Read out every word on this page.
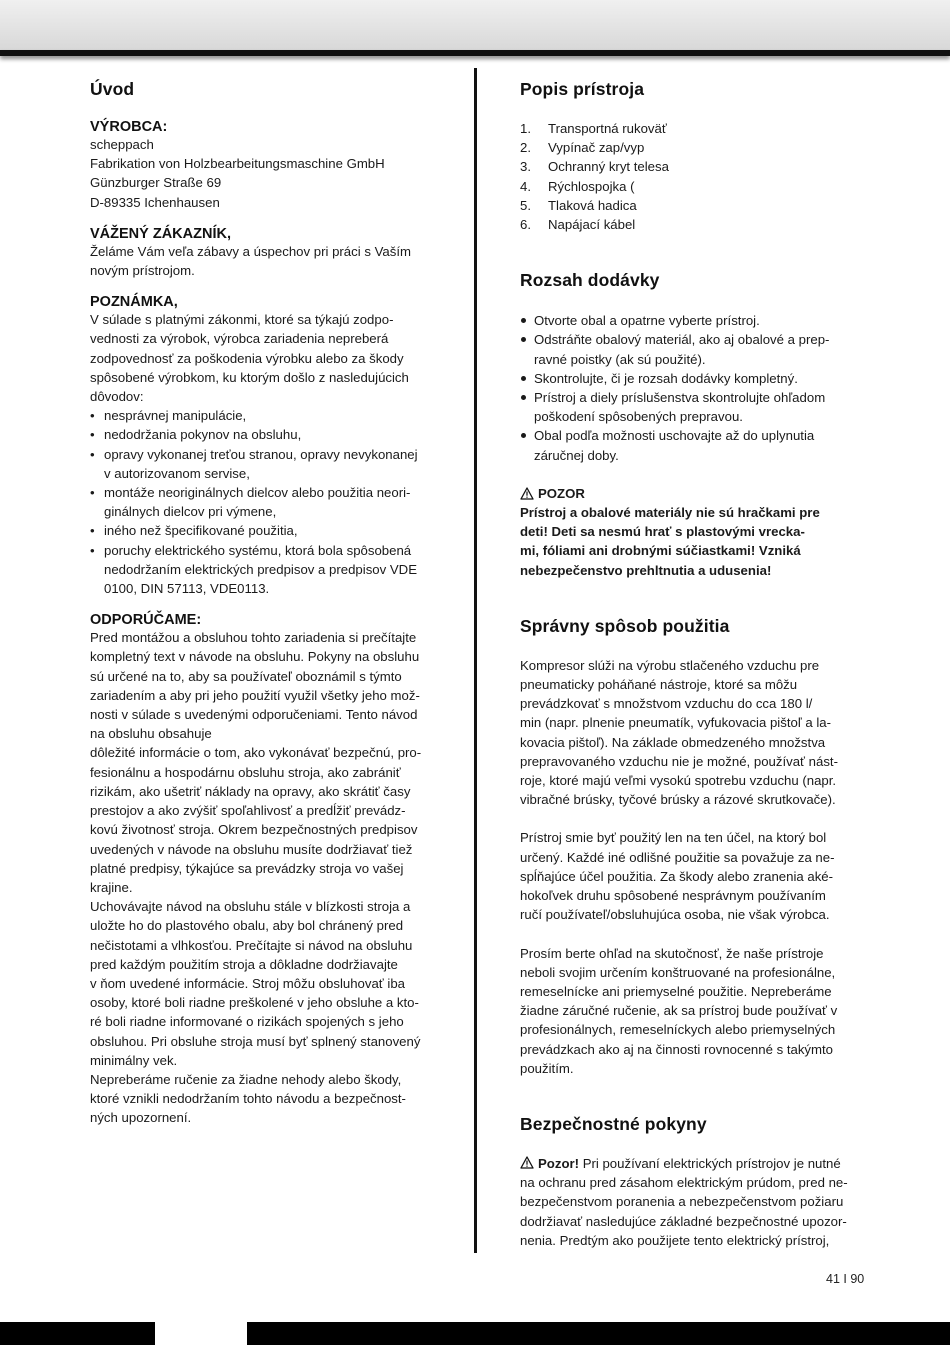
Úvod
VÝROBCA:

scheppach

Fabrikation von Holzbearbeitungsmaschine GmbH

Günzburger Straße 69

D-89335 Ichenhausen

VÁŽENÝ ZÁKAZNÍK,

Želáme Vám veľa zábavy a úspechov pri práci s Vaším

novým prístrojom.

POZNÁMKA,

V súlade s platnými zákonmi, ktoré sa týkajú zodpo-

vednosti za výrobok, výrobca zariadenia nepreberá

zodpovednosť za poškodenia výrobku alebo za škody

spôsobené výrobkom, ku ktorým došlo z nasledujúcich

dôvodov:

• nesprávnej manipulácie,
• nedodržania pokynov na obsluhu,
• opravy vykonanej treťou stranou, opravy nevykonanej
v autorizovanom servise,
• montáže neoriginálnych dielcov alebo použitia neori-
ginálnych dielcov pri výmene,
• iného než špecifikované použitia,
• poruchy elektrického systému, ktorá bola spôsobená
nedodržaním elektrických predpisov a predpisov VDE
0100, DIN 57113, VDE0113.
ODPORÚČAME:

Pred montážou a obsluhou tohto zariadenia si prečítajte

kompletný text v návode na obsluhu. Pokyny na obsluhu

sú určené na to, aby sa používateľ oboznámil s týmto

zariadením a aby pri jeho použití využil všetky jeho mož-

nosti v súlade s uvedenými odporučeniami. Tento návod

na obsluhu obsahuje

dôležité informácie o tom, ako vykonávať bezpečnú, pro-

fesionálnu a hospodárnu obsluhu stroja, ako zabrániť

rizikám, ako ušetriť náklady na opravy, ako skrátiť časy

prestojov a ako zvýšiť spoľahlivosť a predĺžiť prevádz-

kovú životnosť stroja. Okrem bezpečnostných predpisov

uvedených v návode na obsluhu musíte dodržiavať tiež

platné predpisy, týkajúce sa prevádzky stroja vo vašej

krajine.

Uchovávajte návod na obsluhu stále v blízkosti stroja a

uložte ho do plastového obalu, aby bol chránený pred

nečistotami a vlhkosťou. Prečítajte si návod na obsluhu

pred každým použitím stroja a dôkladne dodržiavajte

v ňom uvedené informácie. Stroj môžu obsluhovať iba

osoby, ktoré boli riadne preškolené v jeho obsluhe a kto-

ré boli riadne informované o rizikách spojených s jeho

obsluhou. Pri obsluhe stroja musí byť splnený stanovený

minimálny vek.

Nepreberáme ručenie za žiadne nehody alebo škody,

ktoré vznikli nedodržaním tohto návodu a bezpečnost-

ných upozornení.

Popis prístroja
1.	Transportná rukoväť
2.	Vypínač zap/vyp
3.	Ochranný kryt telesa
4.	Rýchlospojka (
5.	Tlaková hadica
6.	Napájací kábel
Rozsah dodávky
Otvorte obal a opatrne vyberte prístroj.
Odstráňte obalový materiál, ako aj obalové a prep-
ravné poistky (ak sú použité).
Skontrolujte, či je rozsah dodávky kompletný.
Prístroj a diely príslušenstva skontrolujte ohľadom
poškodení spôsobených prepravou.
Obal podľa možnosti uschovajte až do uplynutia
záručnej doby.
POZOR

Prístroj a obalové materiály nie sú hračkami pre

deti! Deti sa nesmú hrať s plastovými vrecka-

mi, fóliami ani drobnými súčiastkami! Vzniká

nebezpečenstvo prehltnutia a udusenia!

Správny spôsob použitia

Kompresor slúži na výrobu stlačeného vzduchu pre

pneumaticky poháňané nástroje, ktoré sa môžu

prevádzkovať s množstvom vzduchu do cca 180 l/

min (napr. plnenie pneumatík, vyfukovacia pištoľ a la-

kovacia pištoľ). Na základe obmedzeného množstva

prepravovaného vzduchu nie je možné, používať nást-

roje, ktoré majú veľmi vysokú spotrebu vzduchu (napr.

vibračné brúsky, tyčové brúsky a rázové skrutkovače).

Prístroj smie byť použitý len na ten účel, na ktorý bol

určený. Každé iné odlišné použitie sa považuje za ne-

spĺňajúce účel použitia. Za škody alebo zranenia aké-

hokoľvek druhu spôsobené nesprávnym používaním

ručí používateľ/obsluhujúca osoba, nie však výrobca.

Prosím berte ohľad na skutočnosť, že naše prístroje

neboli svojim určením konštruované na profesionálne,

remeselnícke ani priemyselné použitie. Nepreberáme

žiadne záručné ručenie, ak sa prístroj bude používať v

profesionálnych, remeselníckych alebo priemyselných

prevádzkach ako aj na činnosti rovnocenné s takýmto

použitím.

Bezpečnostné pokyny

Pozor! Pri používaní elektrických prístrojov je nutné

na ochranu pred zásahom elektrickým prúdom, pred ne-

bezpečenstvom poranenia a nebezpečenstvom požiaru

dodržiavať nasledujúce základné bezpečnostné upozor-

nenia. Predtým ako použijete tento elektrický prístroj,

41 I 90
